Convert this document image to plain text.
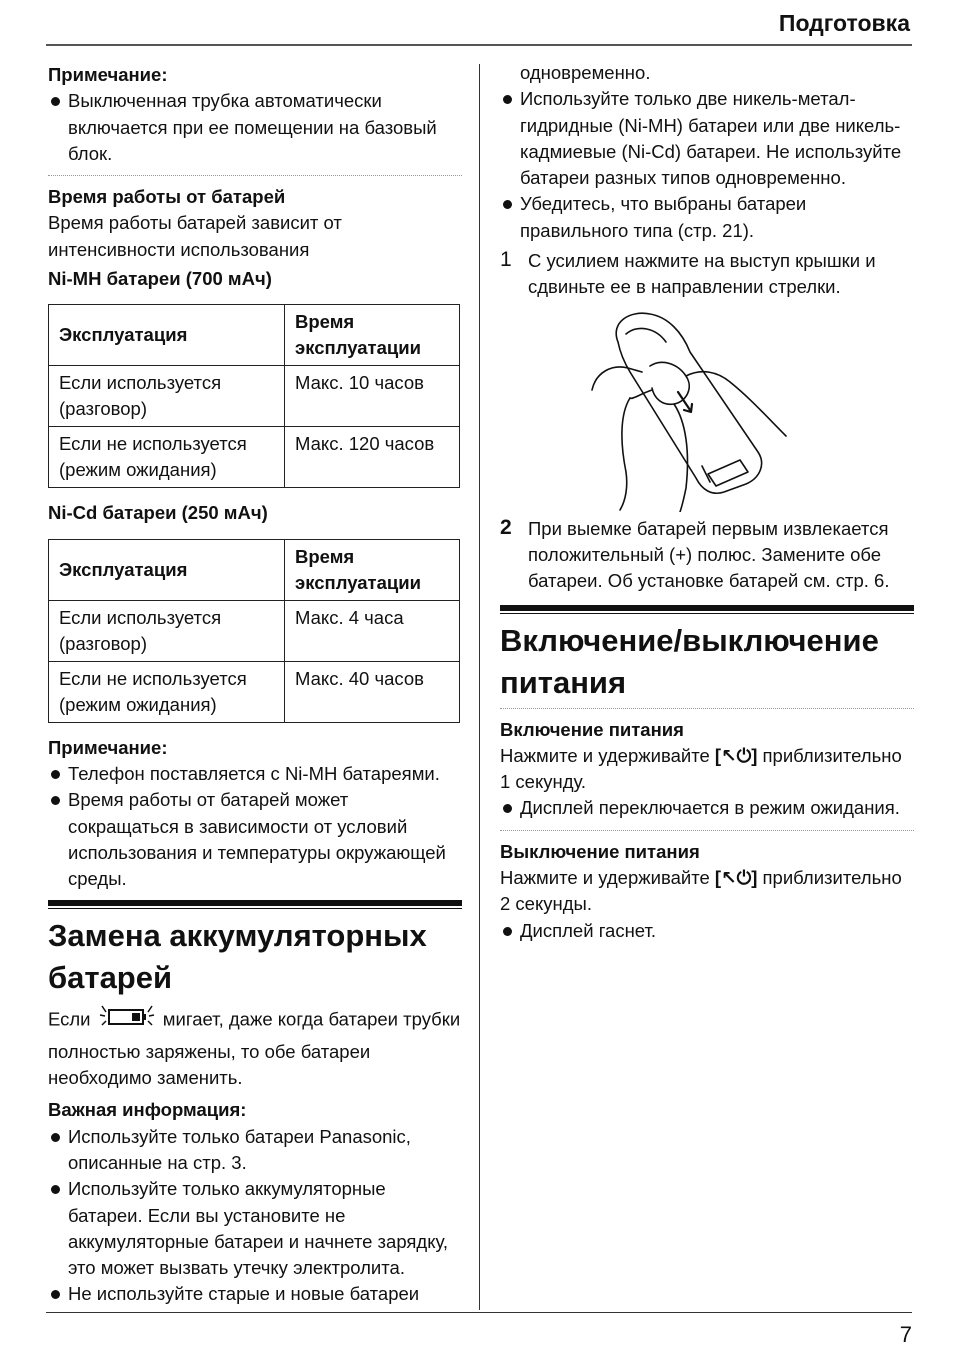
Подготовка
Примечание:
Выключенная трубка автоматически включается при ее помещении на базовый блок.
Время работы от батарей
Время работы батарей зависит от интенсивности использования
Ni-MH батареи (700 мАч)
Эксплуатация	Время эксплуатации
Если используется (разговор)	Макс. 10 часов
Если не используется (режим ожидания)	Макс. 120 часов
Ni-Cd батареи (250 мАч)
Эксплуатация	Время эксплуатации
Если используется (разговор)	Макс. 4 часа
Если не используется (режим ожидания)	Макс. 40 часов
Примечание:
Телефон поставляется с Ni-MH батареями.
Время работы от батарей может сокращаться в зависимости от условий использования и температуры окружающей среды.
Замена аккумуляторных батарей
Если	мигает, даже когда батареи трубки полностью заряжены, то обе батареи необходимо заменить.
Важная информация:
Используйте только батареи Panasonic, описанные на стр. 3.
Используйте только аккумуляторные батареи. Если вы установите не аккумуляторные батареи и начнете зарядку, это может вызвать утечку электролита.
Не используйте старые и новые батареи
одновременно.
Используйте только две никель-метал-гидридные (Ni-MH) батареи или две никель-кадмиевые (Ni-Cd) батареи. Не используйте батареи разных типов одновременно.
Убедитесь, что выбраны батареи правильного типа (стр. 21).
1 С усилием нажмите на выступ крышки и сдвиньте ее в направлении стрелки.
2 При выемке батарей первым извлекается положительный (+) полюс. Замените обе батареи. Об установке батарей см. стр. 6.
Включение/выключение питания
Включение питания
Нажмите и удерживайте [↖⏻] приблизительно 1 секунду.
Дисплей переключается в режим ожидания.
Выключение питания
Нажмите и удерживайте [↖⏻] приблизительно 2 секунды.
Дисплей гаснет.
7
